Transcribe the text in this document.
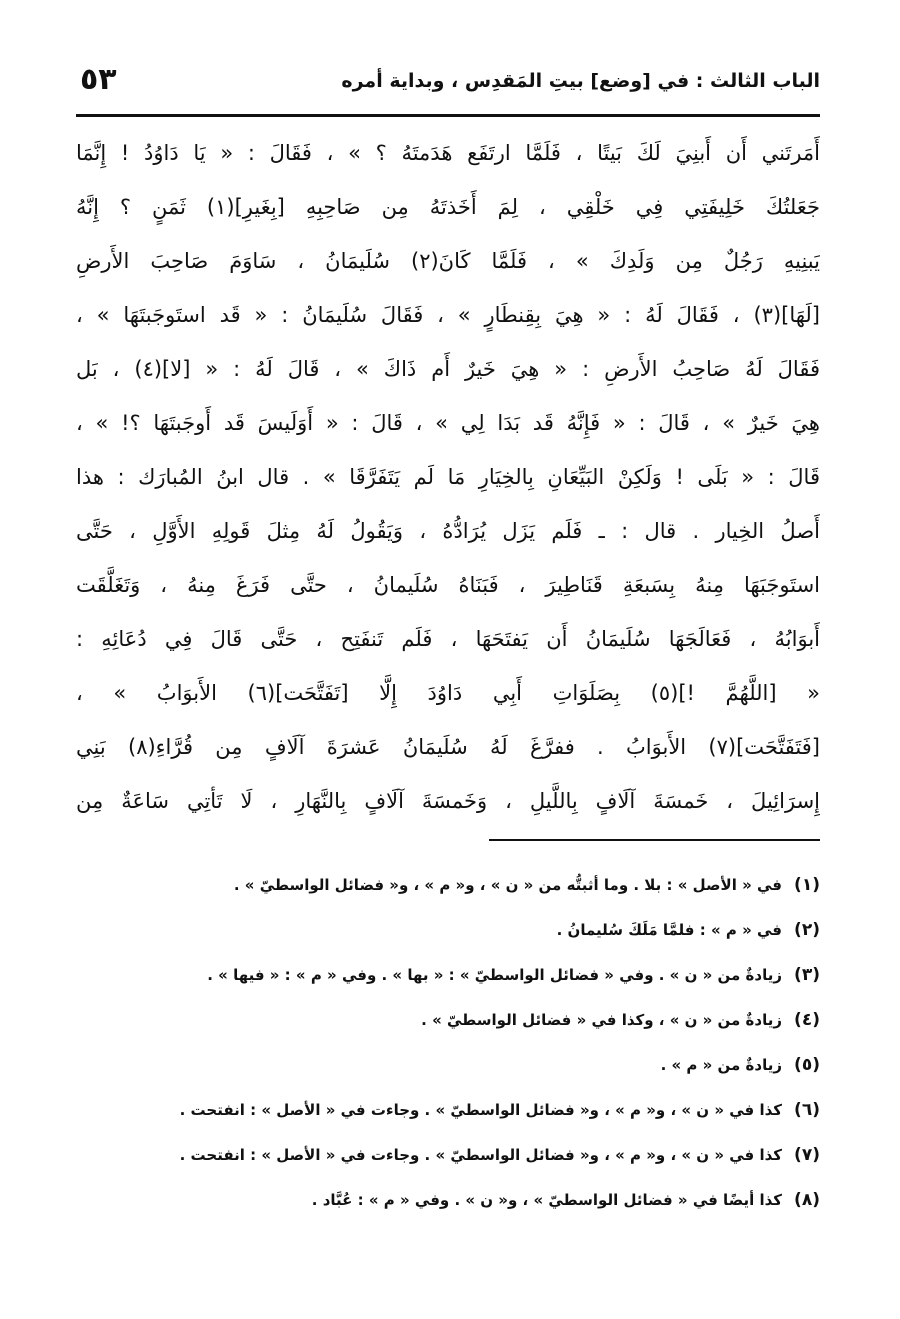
٥٣	الباب الثالث : في [وضع] بيتِ المَقدِس ، وبداية أمره
أَمَرتَني أَن أَبنِيَ لَكَ بَيتًا ، فَلَمَّا ارتَفَع هَدَمتَهُ ؟ » ، فَقَالَ : « يَا دَاوُدُ ! إِنَّمَا
جَعَلتُكَ خَلِيفَتِي فِي خَلْقِي ، لِمَ أَخَذتَهُ مِن صَاحِبِهِ [بِغَيرِ](١) ثَمَنٍ ؟ إِنَّهُ
يَبنِيهِ رَجُلٌ مِن وَلَدِكَ » ، فَلَمَّا كَانَ(٢) سُلَيمَانُ ، سَاوَمَ صَاحِبَ الأَرضِ
[لَهَا](٣) ، فَقَالَ لَهُ : « هِيَ بِقِنطَارٍ » ، فَقَالَ سُلَيمَانُ : « قَد استَوجَبتَهَا » ،
فَقَالَ لَهُ صَاحِبُ الأَرضِ : « هِيَ خَيرٌ أَم ذَاكَ » ، قَالَ لَهُ : « [لا](٤) ، بَل
هِيَ خَيرٌ » ، قَالَ : « فَإِنَّهُ قَد بَدَا لِي » ، قَالَ : « أَوَلَيسَ قَد أَوجَبتَهَا ؟! » ،
قَالَ : « بَلَى ! وَلَكِنْ البَيِّعَانِ بِالخِيَارِ مَا لَم يَتَفَرَّقَا » . قال ابنُ المُبارَك : هذا
أَصلُ الخِيار . قال : ـ فَلَم يَزَل يُرَادُّهُ ، وَيَقُولُ لَهُ مِثلَ قَولِهِ الأَوَّلِ ، حَتَّى
استَوجَبَهَا مِنهُ بِسَبعَةِ قَنَاطِيرَ ، فَبَنَاهُ سُلَيمانُ ، حتَّى فَرَغَ مِنهُ ، وَتَغَلَّقَت
أَبوَابُهُ ، فَعَالَجَهَا سُلَيمَانُ أَن يَفتَحَهَا ، فَلَم تَنفَتِح ، حَتَّى قَالَ فِي دُعَائِهِ :
« [اللَّهُمَّ !](٥) بِصَلَوَاتِ أَبِي دَاوُدَ إِلَّا [تَفَتَّحَت](٦) الأَبوَابُ » ،
[فَتَفَتَّحَت](٧) الأَبوَابُ . ففرَّغَ لَهُ سُلَيمَانُ عَشرَةَ آلَافٍ مِن قُرَّاءِ(٨) بَنِي
إِسرَائِيلَ ، خَمسَةَ آلَافٍ بِاللَّيلِ ، وَخَمسَةَ آلَافٍ بِالنَّهَارِ ، لَا تَأتِي سَاعَةٌ مِن
(١)في « الأصل » : بلا . وما أثبتُّه من « ن » ، و« م » ، و« فضائل الواسطيّ » .
(٢)في « م » : فلمَّا مَلَكَ سُليمانُ .
(٣)زيادةٌ من « ن » . وفي « فضائل الواسطيّ » : « بها » . وفي « م » : « فيها » .
(٤)زيادةٌ من « ن » ، وكذا في « فضائل الواسطيّ » .
(٥)زيادةٌ من « م » .
(٦)كذا في « ن » ، و« م » ، و« فضائل الواسطيّ » . وجاءت في « الأصل » : انفتحت .
(٧)كذا في « ن » ، و« م » ، و« فضائل الواسطيّ » . وجاءت في « الأصل » : انفتحت .
(٨)كذا أيضًا في « فضائل الواسطيّ » ، و« ن » . وفي « م » : عُبَّاد .
